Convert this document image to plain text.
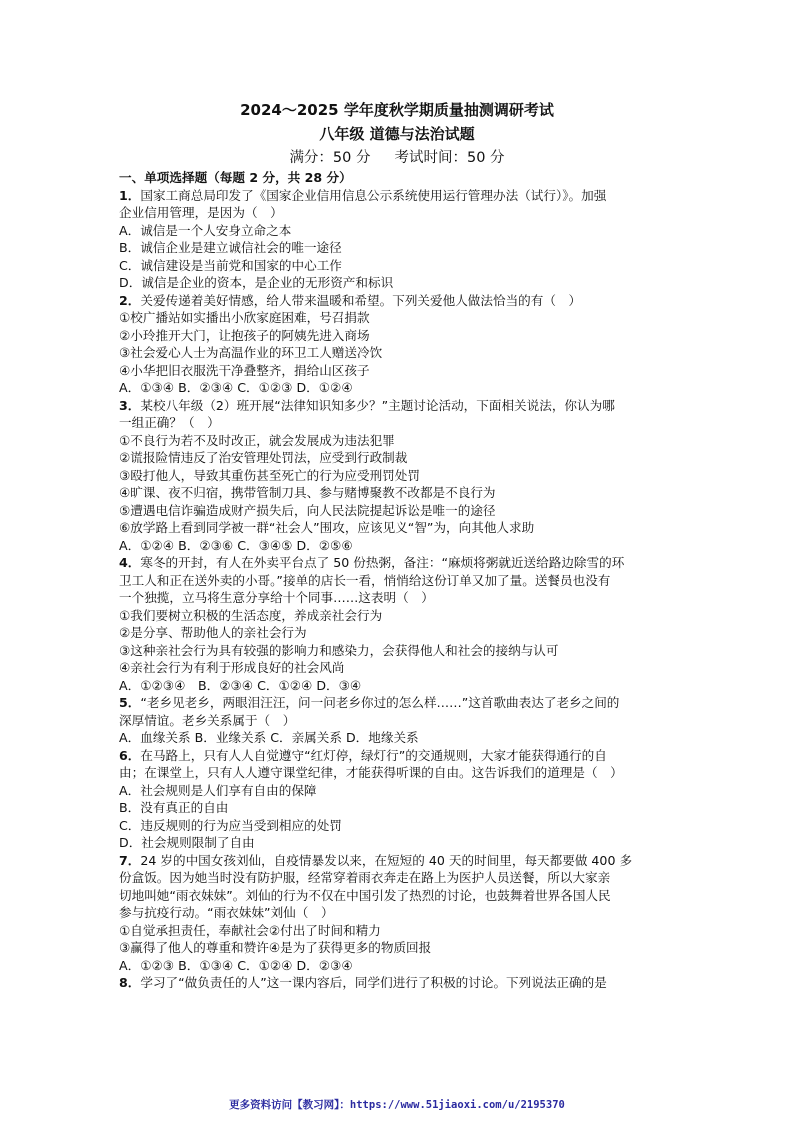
2024～2025 学年度秋学期质量抽测调研考试
八年级 道德与法治试题
满分：50 分 考试时间：50 分
一、单项选择题（每题 2 分，共 28 分）
1．国家工商总局印发了《国家企业信用信息公示系统使用运行管理办法（试行）》。加强
企业信用管理，是因为（　）
A．诚信是一个人安身立命之本
B．诚信企业是建立诚信社会的唯一途径
C．诚信建设是当前党和国家的中心工作
D．诚信是企业的资本，是企业的无形资产和标识
2．关爱传递着美好情感，给人带来温暖和希望。下列关爱他人做法恰当的有（　）
①校广播站如实播出小欣家庭困难，号召捐款
②小玲推开大门，让抱孩子的阿姨先进入商场
③社会爱心人士为高温作业的环卫工人赠送冷饮
④小华把旧衣服洗干净叠整齐，捐给山区孩子
A．①③④ B．②③④ C．①②③ D．①②④
3．某校八年级（2）班开展“法律知识知多少？”主题讨论活动，下面相关说法，你认为哪
一组正确？（　）
①不良行为若不及时改正，就会发展成为违法犯罪
②谎报险情违反了治安管理处罚法，应受到行政制裁
③殴打他人，导致其重伤甚至死亡的行为应受刑罚处罚
④旷课、夜不归宿，携带管制刀具、参与赌博聚教不改都是不良行为
⑤遭遇电信诈骗造成财产损失后，向人民法院提起诉讼是唯一的途径
⑥放学路上看到同学被一群“社会人”围攻，应该见义“智”为，向其他人求助
A．①②④ B．②③⑥ C．③④⑤ D．②⑤⑥
4．寒冬的开封，有人在外卖平台点了 50 份热粥，备注：“麻烦将粥就近送给路边除雪的环
卫工人和正在送外卖的小哥。”接单的店长一看，悄悄给这份订单又加了量。送餐员也没有
一个独揽，立马将生意分享给十个同事……这表明（　）
①我们要树立积极的生活态度，养成亲社会行为
②是分享、帮助他人的亲社会行为
③这种亲社会行为具有较强的影响力和感染力，会获得他人和社会的接纳与认可
④亲社会行为有利于形成良好的社会风尚
A．①②③④　B．②③④ C．①②④ D．③④
5．“老乡见老乡，两眼泪汪汪，问一问老乡你过的怎么样……”这首歌曲表达了老乡之间的
深厚情谊。老乡关系属于（　）
A．血缘关系 B．业缘关系 C．亲属关系 D．地缘关系
6．在马路上，只有人人自觉遵守“红灯停，绿灯行”的交通规则，大家才能获得通行的自
由；在课堂上，只有人人遵守课堂纪律，才能获得听课的自由。这告诉我们的道理是（　）
A．社会规则是人们享有自由的保障
B．没有真正的自由
C．违反规则的行为应当受到相应的处罚
D．社会规则限制了自由
7．24 岁的中国女孩刘仙，自疫情暴发以来，在短短的 40 天的时间里，每天都要做 400 多
份盒饭。因为她当时没有防护服，经常穿着雨衣奔走在路上为医护人员送餐，所以大家亲
切地叫她“雨衣妹妹”。刘仙的行为不仅在中国引发了热烈的讨论，也鼓舞着世界各国人民
参与抗疫行动。“雨衣妹妹”刘仙（　）
①自觉承担责任，奉献社会②付出了时间和精力
③赢得了他人的尊重和赞许④是为了获得更多的物质回报
A．①②③ B．①③④ C．①②④ D．②③④
8．学习了“做负责任的人”这一课内容后，同学们进行了积极的讨论。下列说法正确的是
更多资料访问【教习网】：https://www.51jiaoxi.com/u/2195370
